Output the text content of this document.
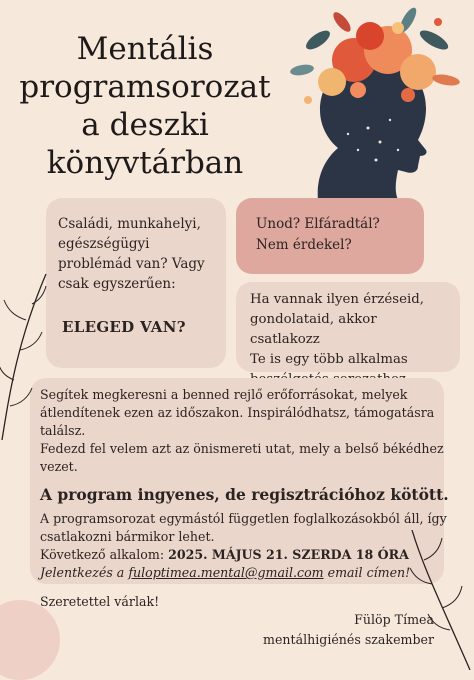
Mentális
programsorozat
a deszki
könyvtárban
Családi, munkahelyi,
egészségügyi
problémád van? Vagy
csak egyszerűen:
ELEGED VAN?
Unod? Elfáradtál?
Nem érdekel?
Ha vannak ilyen érzéseid,
gondolataid, akkor csatlakozz
Te is egy több alkalmas
Segítek megkeresni a benned rejlő erőforrásokat, melyek
átlendítenek ezen az időszakon. Inspirálódhatsz, támogatásra
találsz.
Fedezd fel velem azt az önismereti utat, mely a belső békédhez
vezet.
A program ingyenes, de regisztrációhoz kötött.
A programsorozat egymástól független foglalkozásokból áll, így
csatlakozni bármikor lehet.
Következő alkalom: 2025. MÁJUS 21. SZERDA 18 ÓRA
Jelentkezés a fuloptimea.mental@gmail.com email címen!
Szeretettel várlak!
Fülöp Tímea
mentálhigiénés szakember
